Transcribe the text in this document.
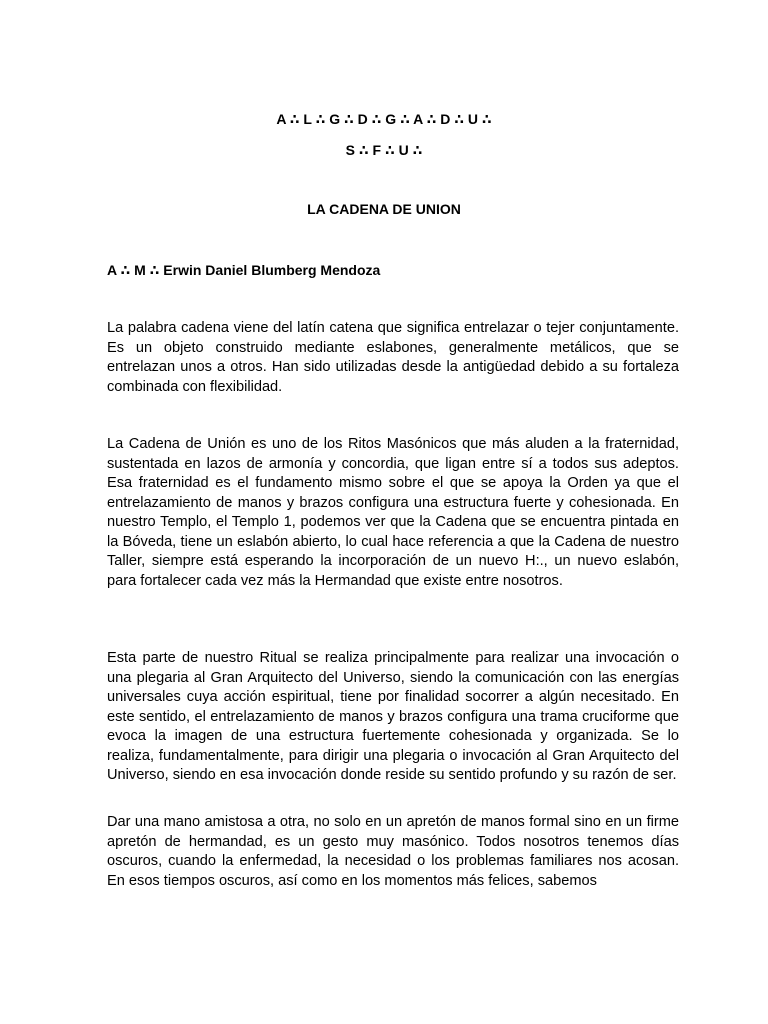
A ∴ L ∴ G ∴ D ∴ G ∴ A ∴ D ∴ U ∴
S ∴ F ∴ U ∴
LA CADENA DE UNION
A ∴ M ∴ Erwin Daniel Blumberg Mendoza

La palabra cadena viene del latín catena que significa entrelazar o tejer conjuntamente. Es un objeto construido mediante eslabones, generalmente metálicos, que se entrelazan unos a otros. Han sido utilizadas desde la antigüedad debido a su fortaleza combinada con flexibilidad.

La Cadena de Unión es uno de los Ritos Masónicos que más aluden a la fraternidad, sustentada en lazos de armonía y concordia, que ligan entre sí a todos sus adeptos. Esa fraternidad es el fundamento mismo sobre el que se apoya la Orden ya que el entrelazamiento de manos y brazos configura una estructura fuerte y cohesionada. En nuestro Templo, el Templo 1, podemos ver que la Cadena que se encuentra pintada en la Bóveda, tiene un eslabón abierto, lo cual hace referencia a que la Cadena de nuestro Taller, siempre está esperando la incorporación de un nuevo H:., un nuevo eslabón, para fortalecer cada vez más la Hermandad que existe entre nosotros.

Esta parte de nuestro Ritual se realiza principalmente para realizar una invocación o una plegaria al Gran Arquitecto del Universo, siendo la comunicación con las energías universales cuya acción espiritual, tiene por finalidad socorrer a algún necesitado. En este sentido, el entrelazamiento de manos y brazos configura una trama cruciforme que evoca la imagen de una estructura fuertemente cohesionada y organizada. Se lo realiza, fundamentalmente, para dirigir una plegaria o invocación al Gran Arquitecto del Universo, siendo en esa invocación donde reside su sentido profundo y su razón de ser.

Dar una mano amistosa a otra, no solo en un apretón de manos formal sino en un firme apretón de hermandad, es un gesto muy masónico. Todos nosotros tenemos días oscuros, cuando la enfermedad, la necesidad o los problemas familiares nos acosan. En esos tiempos oscuros, así como en los momentos más felices, sabemos
